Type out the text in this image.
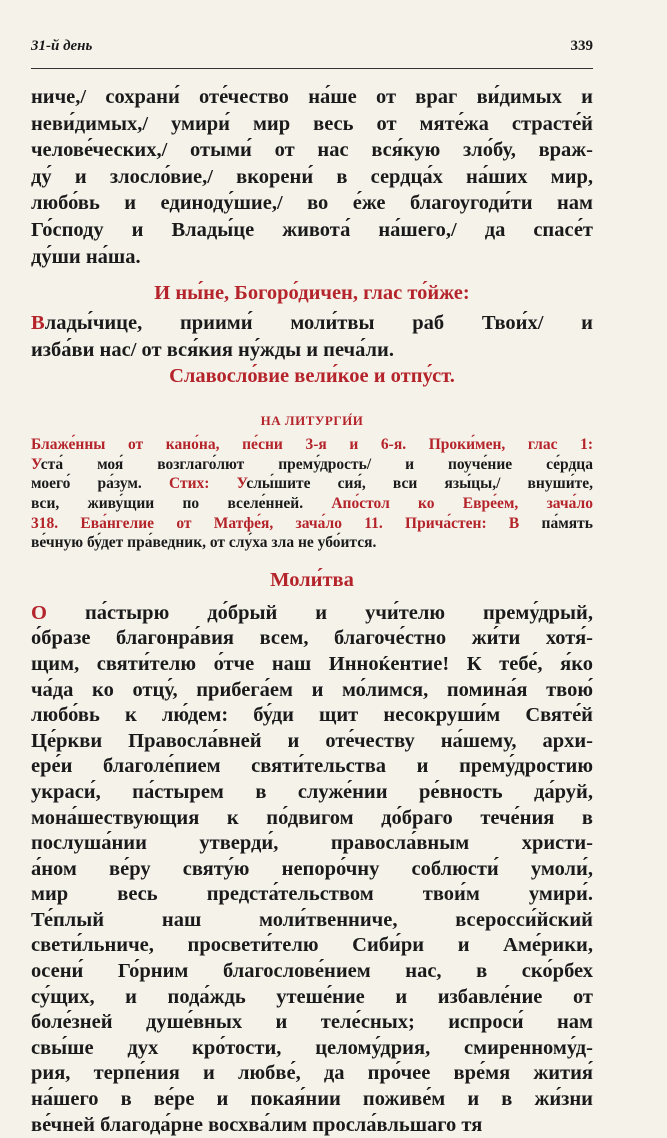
31-й день	339
ниче,/ сохрани́ оте́чество на́ше от враг ви́димых и
неви́димых,/ умири́ мир весь от мяте́жа страсте́й
челове́ческих,/ отыми́ от нас вся́кую зло́бу, враж-
ду́ и злосло́вие,/ вкорени́ в сердца́х на́ших мир,
любо́вь и единоду́шие,/ во е́же благоугоди́ти нам
Го́споду и Влады́це живота́ на́шего,/ да спасе́т
ду́ши на́ша.
И ны́не, Богоро́дичен, глас то́йже:
Влады́чице, приими́ моли́твы раб Твои́х/ и
изба́ви нас/ от вся́кия ну́жды и печа́ли.
Славосло́вие вели́кое и отпу́ст.
НА ЛИТУРГИ́И
Блаже́нны от кано́на, пе́сни 3-я и 6-я. Проки́мен, глас 1:
Уста́ моя́ возглаго́лют прему́дрость/ и поуче́ние се́рдца
моего́ ра́зум. Стих: Услы́шите сия́, вси язы́цы,/ внуши́те,
вси, живу́щии по вселе́нней. Апо́стол ко Евре́ем, зача́ло
318. Ева́нгелие от Матфе́я, зача́ло 11. Прича́стен: В па́мять
ве́чную бу́дет пра́ведник, от слу́ха зла не убо́ится.
Моли́тва
О па́стырю до́брый и учи́телю прему́дрый,
о́бразе благонра́вия всем, благоче́стно жи́ти хотя́-
щим, святи́телю о́тче наш Инноќентие! К тебе́, я́ко
ча́да ко отцу́, прибега́ем и мо́лимся, помина́я твою́
любо́вь к лю́дем: бу́ди щит несокруши́м Святе́й
Це́ркви Правосла́вней и оте́честву на́шему, архи-
ере́и благоле́пием святи́тельства и прему́дростию
украси́, па́стырем в служе́нии ре́вность да́руй,
мона́шествующия к по́двигом до́браго тече́ния в
послуша́нии утверди́, правосла́вным христи-
а́ном ве́ру святу́ю непоро́чну соблюсти́ умоли́,
мир весь предста́тельством твои́м умири́.
Те́плый наш моли́твенниче, всеросси́йский
свети́льниче, просвети́телю Сиби́ри и Аме́рики,
осени́ Го́рним благослове́нием нас, в ско́рбех
су́щих, и пода́ждь утеше́ние и избавле́ние от
боле́зней душе́вных и теле́сных; испроси́ нам
свы́ше дух кро́тости, целому́дрия, смиренному́д-
рия, терпе́ния и любве́, да про́чее вре́мя жития́
на́шего в ве́ре и покая́нии поживе́м и в жи́зни
ве́чней благода́рне восхва́лим просла́вльшаго тя
